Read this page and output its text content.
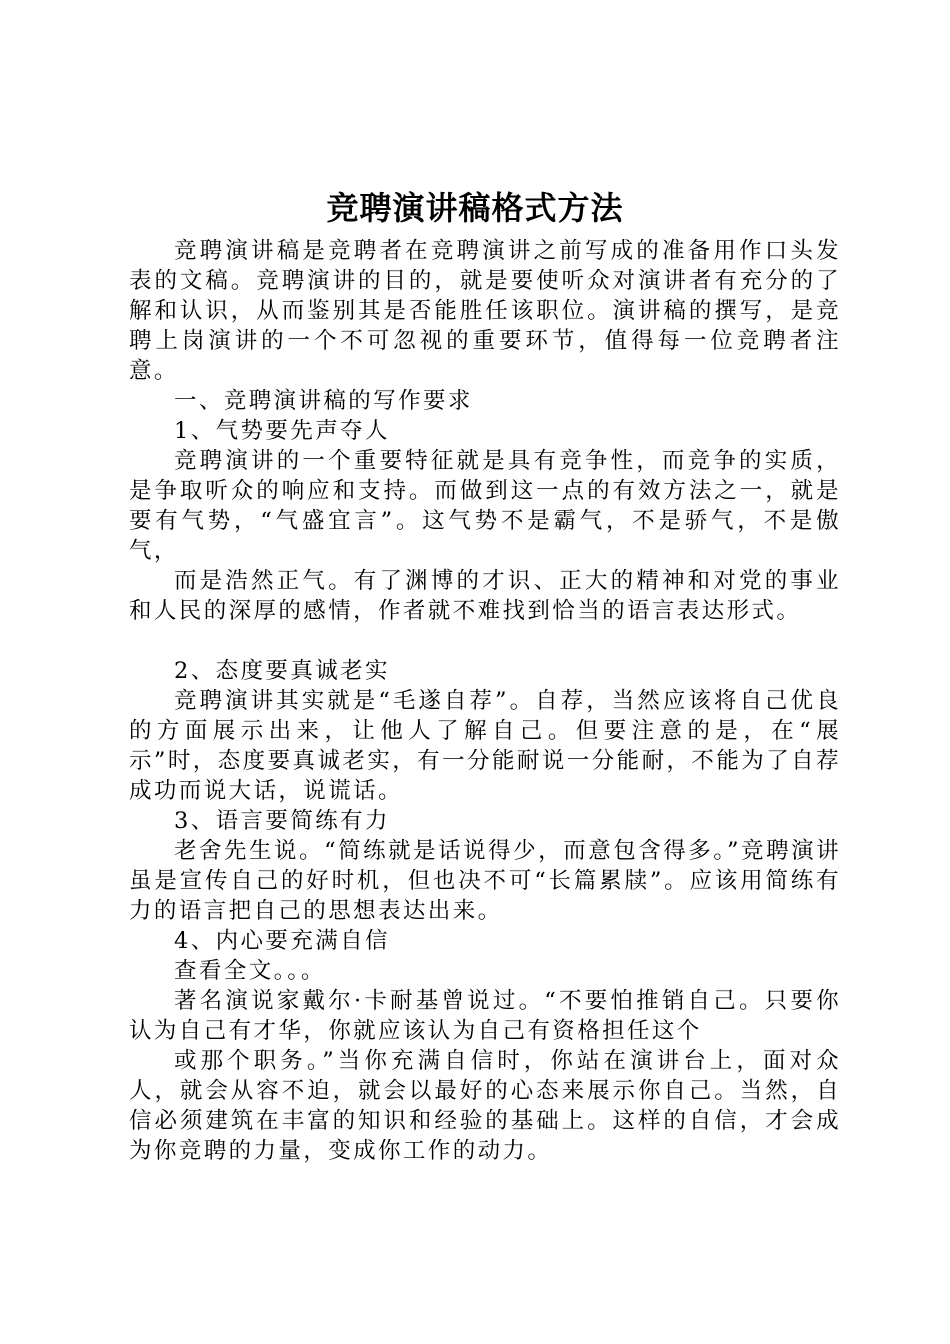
竞聘演讲稿格式方法

竞聘演讲稿是竞聘者在竞聘演讲之前写成的准备用作口头发表的文稿。竞聘演讲的目的，就是要使听众对演讲者有充分的了解和认识，从而鉴别其是否能胜任该职位。演讲稿的撰写，是竞聘上岗演讲的一个不可忽视的重要环节，值得每一位竞聘者注意。

一、竞聘演讲稿的写作要求

1、气势要先声夺人

竞聘演讲的一个重要特征就是具有竞争性，而竞争的实质，是争取听众的响应和支持。而做到这一点的有效方法之一，就是要有气势，“气盛宜言”。这气势不是霸气，不是骄气，不是傲气，

而是浩然正气。有了渊博的才识、正大的精神和对党的事业和人民的深厚的感情，作者就不难找到恰当的语言表达形式。

2、态度要真诚老实

竞聘演讲其实就是“毛遂自荐”。自荐，当然应该将自己优良的方面展示出来，让他人了解自己。但要注意的是，在“展示”时，态度要真诚老实，有一分能耐说一分能耐，不能为了自荐成功而说大话，说谎话。

3、语言要简练有力

老舍先生说。“简练就是话说得少，而意包含得多。”竞聘演讲虽是宣传自己的好时机，但也决不可“长篇累牍”。应该用简练有力的语言把自己的思想表达出来。

4、内心要充满自信

查看全文。。。

著名演说家戴尔·卡耐基曾说过。“不要怕推销自己。只要你认为自己有才华，你就应该认为自己有资格担任这个

或那个职务。”当你充满自信时，你站在演讲台上，面对众人，就会从容不迫，就会以最好的心态来展示你自己。当然，自信必须建筑在丰富的知识和经验的基础上。这样的自信，才会成为你竞聘的力量，变成你工作的动力。
